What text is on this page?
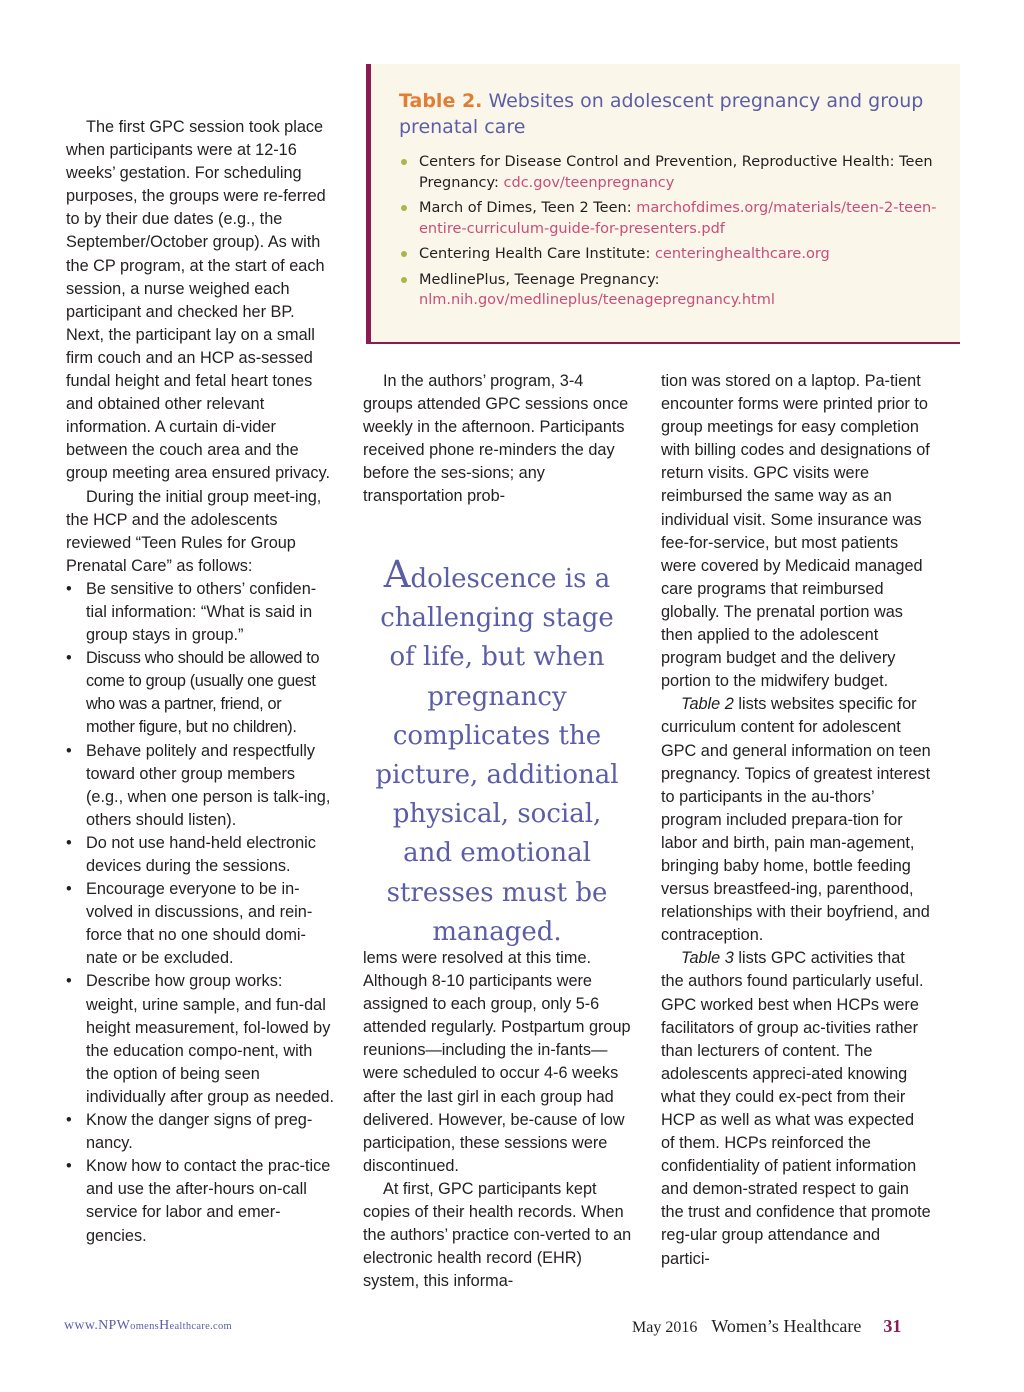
The first GPC session took place when participants were at 12-16 weeks’ gestation. For scheduling purposes, the groups were re-ferred to by their due dates (e.g., the September/October group). As with the CP program, at the start of each session, a nurse weighed each participant and checked her BP. Next, the participant lay on a small firm couch and an HCP as-sessed fundal height and fetal heart tones and obtained other relevant information. A curtain di-vider between the couch area and the group meeting area ensured privacy.

During the initial group meet-ing, the HCP and the adolescents reviewed “Teen Rules for Group Prenatal Care” as follows:

• Be sensitive to others’ confiden-tial information: “What is said in group stays in group.”
• Discuss who should be allowed to come to group (usually one guest who was a partner, friend, or mother figure, but no children).
• Behave politely and respectfully toward other group members (e.g., when one person is talk-ing, others should listen).
• Do not use hand-held electronic devices during the sessions.
• Encourage everyone to be in-volved in discussions, and rein-force that no one should domi-nate or be excluded.
• Describe how group works: weight, urine sample, and fun-dal height measurement, fol-lowed by the education compo-nent, with the option of being seen individually after group as needed.
• Know the danger signs of preg-nancy.
• Know how to contact the prac-tice and use the after-hours on-call service for labor and emer-gencies.
Table 2. Websites on adolescent pregnancy and group prenatal care
Centers for Disease Control and Prevention, Reproductive Health: Teen Pregnancy: cdc.gov/teenpregnancy
March of Dimes, Teen 2 Teen: marchofdimes.org/materials/teen-2-teen-entire-curriculum-guide-for-presenters.pdf
Centering Health Care Institute: centeringhealthcare.org
MedlinePlus, Teenage Pregnancy: nlm.nih.gov/medlineplus/teenagepregnancy.html

In the authors’ program, 3-4 groups attended GPC sessions once weekly in the afternoon. Participants received phone re-minders the day before the ses-sions; any transportation prob-

Adolescence is a challenging stage of life, but when pregnancy complicates the picture, additional physical, social, and emotional stresses must be managed.

lems were resolved at this time. Although 8-10 participants were assigned to each group, only 5-6 attended regularly. Postpartum group reunions—including the in-fants—were scheduled to occur 4-6 weeks after the last girl in each group had delivered. However, be-cause of low participation, these sessions were discontinued.

At first, GPC participants kept copies of their health records. When the authors’ practice con-verted to an electronic health record (EHR) system, this informa-

tion was stored on a laptop. Pa-tient encounter forms were printed prior to group meetings for easy completion with billing codes and designations of return visits. GPC visits were reimbursed the same way as an individual visit. Some insurance was fee-for-service, but most patients were covered by Medicaid managed care programs that reimbursed globally. The prenatal portion was then applied to the adolescent program budget and the delivery portion to the midwifery budget.

Table 2 lists websites specific for curriculum content for adolescent GPC and general information on teen pregnancy. Topics of greatest interest to participants in the au-thors’ program included prepara-tion for labor and birth, pain man-agement, bringing baby home, bottle feeding versus breastfeed-ing, parenthood, relationships with their boyfriend, and contraception.

Table 3 lists GPC activities that the authors found particularly useful. GPC worked best when HCPs were facilitators of group ac-tivities rather than lecturers of content. The adolescents appreci-ated knowing what they could ex-pect from their HCP as well as what was expected of them. HCPs reinforced the confidentiality of patient information and demon-strated respect to gain the trust and confidence that promote reg-ular group attendance and partici-

www.NPWomensHealthcare.com	May 2016 Women’s Healthcare 31
